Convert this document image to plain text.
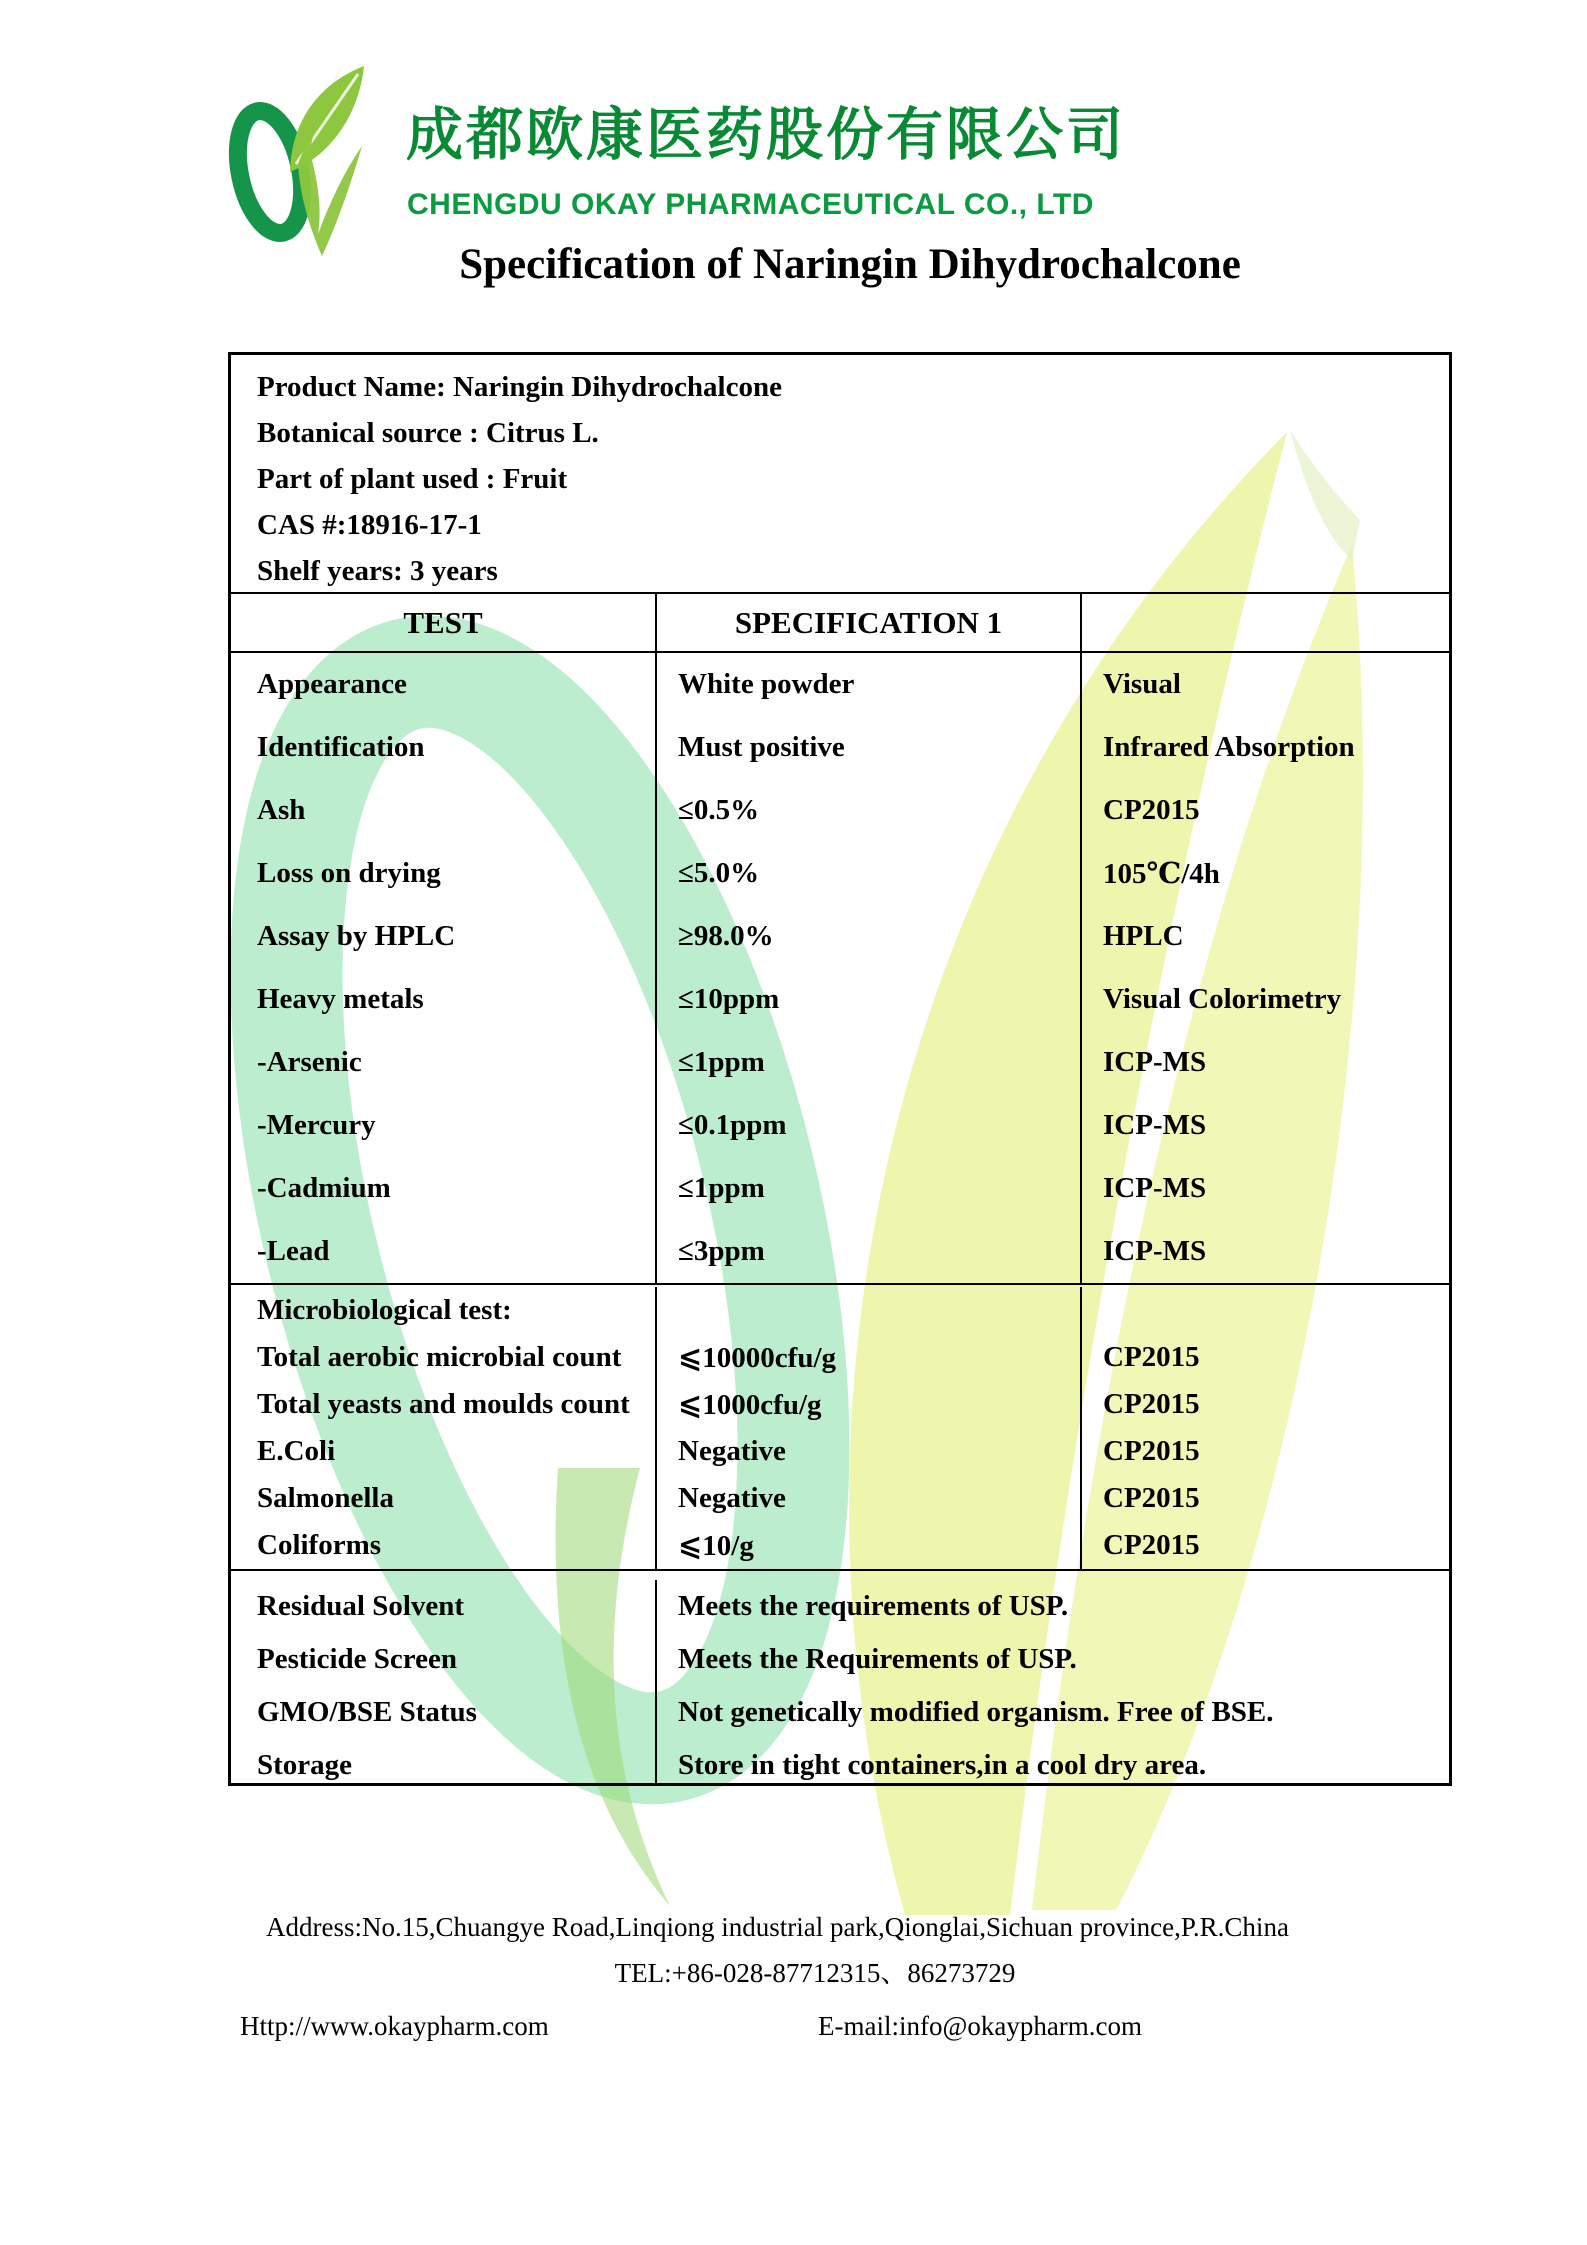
成都欧康医药股份有限公司
CHENGDU OKAY PHARMACEUTICAL CO., LTD
Specification of Naringin Dihydrochalcone
Product Name: Naringin Dihydrochalcone
Botanical source : Citrus L.
Part of plant used : Fruit
CAS #:18916-17-1
Shelf years: 3 years
TEST	SPECIFICATION 1
Appearance
Identification
Ash
Loss on drying
Assay by HPLC
Heavy metals
-Arsenic
-Mercury
-Cadmium
-Lead
White powder
Must positive
≤0.5%
≤5.0%
≥98.0%
≤10ppm
≤1ppm
≤0.1ppm
≤1ppm
≤3ppm
Visual
Infrared Absorption
CP2015
105℃/4h
HPLC
Visual Colorimetry
ICP-MS
ICP-MS
ICP-MS
ICP-MS
Microbiological test:
Total aerobic microbial count
Total yeasts and moulds count
E.Coli
Salmonella
Coliforms
⩽10000cfu/g
⩽1000cfu/g
Negative
Negative
⩽10/g
CP2015
CP2015
CP2015
CP2015
CP2015
Residual Solvent
Pesticide Screen
GMO/BSE Status
Storage
Meets the requirements of USP.
Meets the Requirements of USP.
Not genetically modified organism. Free of BSE.
Store in tight containers,in a cool dry area.
Address:No.15,Chuangye Road,Linqiong industrial park,Qionglai,Sichuan province,P.R.China
TEL:+86-028-87712315、86273729
Http://www.okaypharm.com	E-mail:info@okaypharm.com
